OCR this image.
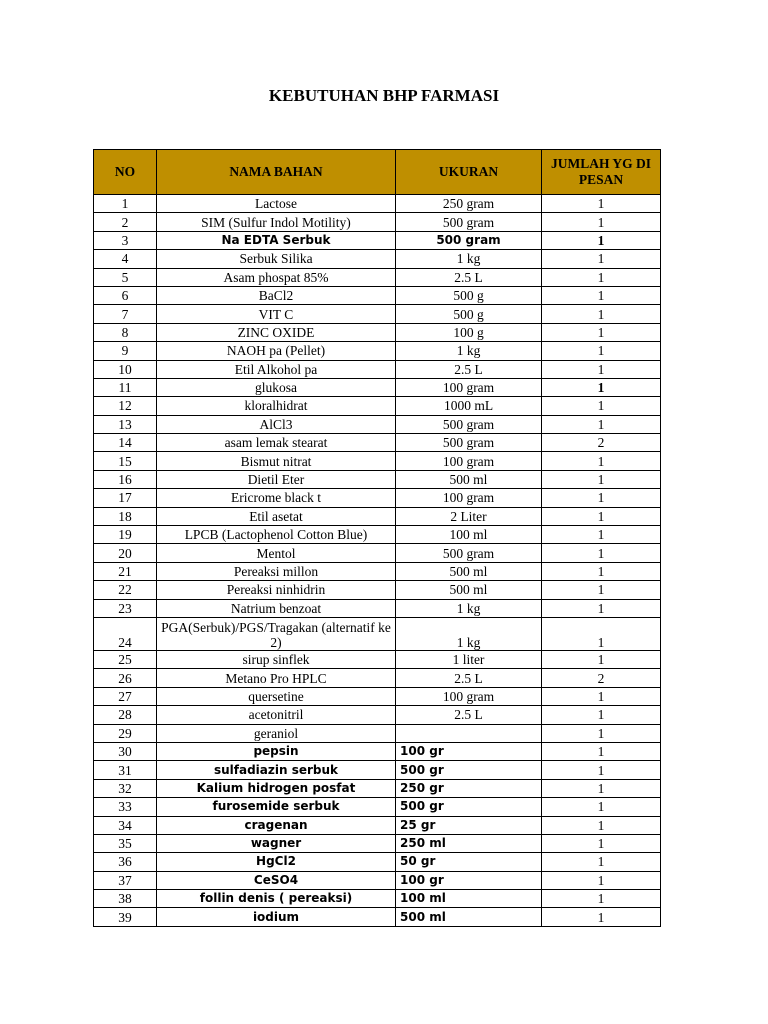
KEBUTUHAN BHP FARMASI
NO	NAMA BAHAN	UKURAN	JUMLAH YG DI PESAN
1	Lactose	250 gram	1
2	SIM (Sulfur Indol Motility)	500 gram	1
3	Na EDTA Serbuk	500 gram	1
4	Serbuk Silika	1 kg	1
5	Asam phospat 85%	2.5 L	1
6	BaCl2	500 g	1
7	VIT C	500 g	1
8	ZINC OXIDE	100 g	1
9	NAOH pa (Pellet)	1 kg	1
10	Etil Alkohol pa	2.5 L	1
11	glukosa	100 gram	1
12	kloralhidrat	1000 mL	1
13	AlCl3	500 gram	1
14	asam lemak stearat	500 gram	2
15	Bismut nitrat	100 gram	1
16	Dietil Eter	500 ml	1
17	Ericrome black t	100 gram	1
18	Etil asetat	2 Liter	1
19	LPCB (Lactophenol Cotton Blue)	100 ml	1
20	Mentol	500 gram	1
21	Pereaksi millon	500 ml	1
22	Pereaksi ninhidrin	500 ml	1
23	Natrium benzoat	1 kg	1
24	PGA(Serbuk)/PGS/Tragakan (alternatif ke 2)	1 kg	1
25	sirup sinflek	1 liter	1
26	Metano Pro HPLC	2.5 L	2
27	quersetine	100 gram	1
28	acetonitril	2.5 L	1
29	geraniol		1
30	pepsin	100 gr	1
31	sulfadiazin serbuk	500 gr	1
32	Kalium hidrogen posfat	250 gr	1
33	furosemide serbuk	500 gr	1
34	cragenan	25 gr	1
35	wagner	250 ml	1
36	HgCl2	50 gr	1
37	CeSO4	100 gr	1
38	follin denis ( pereaksi)	100 ml	1
39	iodium	500 ml	1
